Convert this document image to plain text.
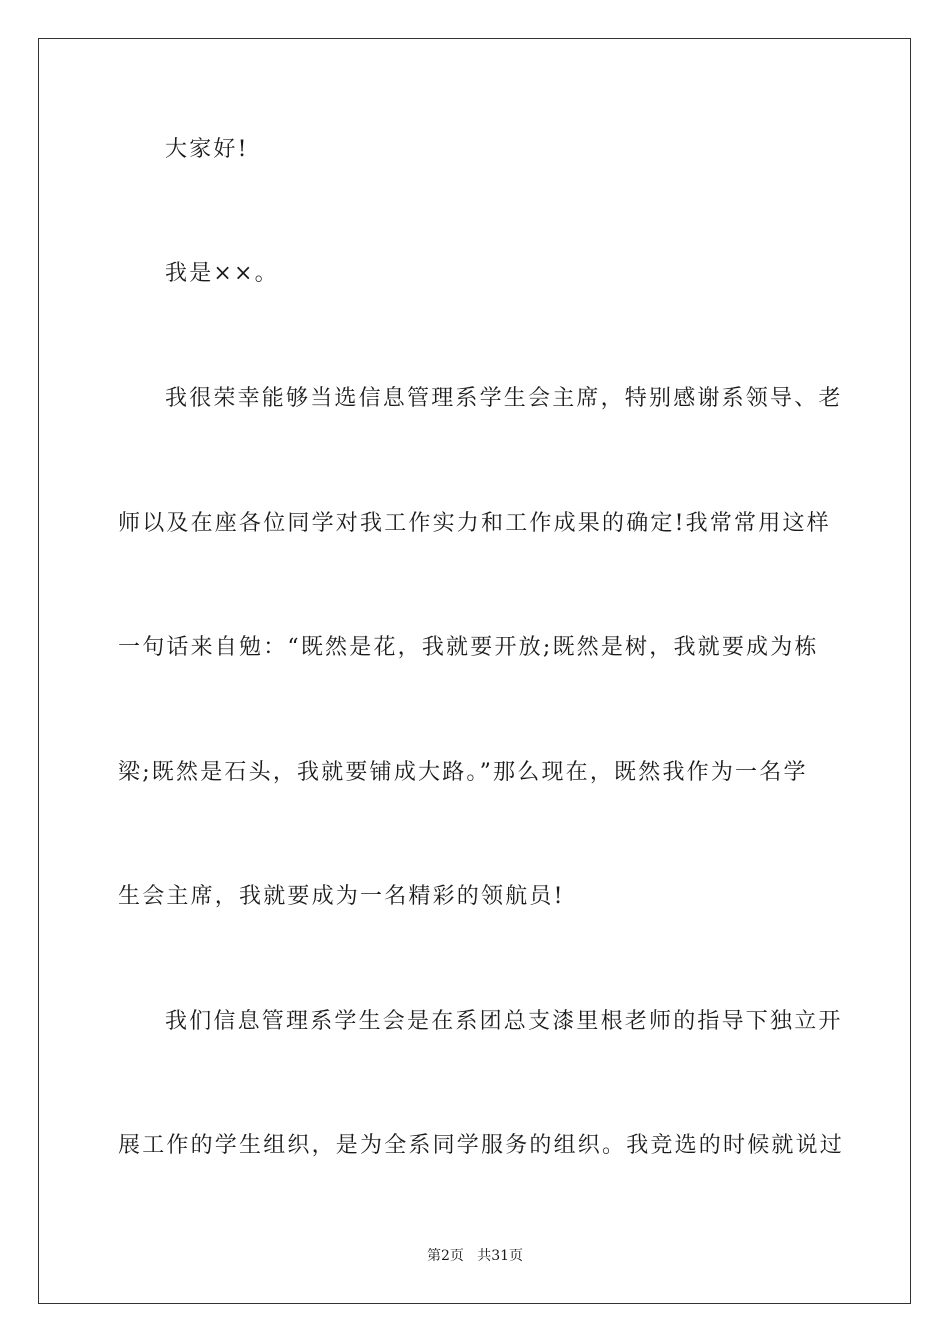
大家好!
我是××。
我很荣幸能够当选信息管理系学生会主席，特别感谢系领导、老
师以及在座各位同学对我工作实力和工作成果的确定!我常常用这样
一句话来自勉：“既然是花，我就要开放;既然是树，我就要成为栋
梁;既然是石头，我就要铺成大路。”那么现在，既然我作为一名学
生会主席，我就要成为一名精彩的领航员!
我们信息管理系学生会是在系团总支漆里根老师的指导下独立开
展工作的学生组织，是为全系同学服务的组织。我竞选的时候就说过
第2页   共31页
